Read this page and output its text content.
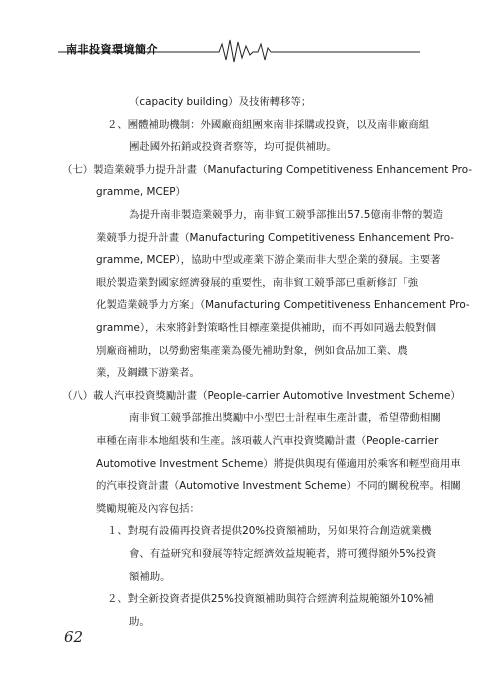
南非投資環境簡介
（capacity building）及技術轉移等；
２、團體補助機制：外國廠商組團來南非採購或投資，以及南非廠商組
團赴國外拓銷或投資者察等，均可提供補助。
（七）製造業競爭力提升計畫（Manufacturing Competitiveness Enhancement Pro-
gramme, MCEP）
為提升南非製造業競爭力，南非貿工競爭部推出57.5億南非幣的製造
業競爭力提升計畫（Manufacturing Competitiveness Enhancement Pro-
gramme, MCEP），協助中型或產業下游企業而非大型企業的發展。主要著
眼於製造業對國家經濟發展的重要性，南非貿工競爭部已重新修訂「強
化製造業競爭力方案」（Manufacturing Competitiveness Enhancement Pro-
gramme），未來將針對策略性目標產業提供補助，而不再如同過去般對個
別廠商補助，以勞動密集產業為優先補助對象，例如食品加工業、農
業，及鋼鐵下游業者。
（八）載人汽車投資獎勵計畫（People-carrier Automotive Investment Scheme）
南非貿工競爭部推出獎勵中小型巴士計程車生產計畫，希望帶動相關
車種在南非本地組裝和生產。該項載人汽車投資獎勵計畫（People-carrier
Automotive Investment Scheme）將提供與現有僅適用於乘客和輕型商用車
的汽車投資計畫（Automotive Investment Scheme）不同的關稅稅率。相關
獎勵規範及內容包括：
１、對現有設備再投資者提供20%投資額補助，另如果符合創造就業機
會、有益研究和發展等特定經濟效益規範者，將可獲得額外5%投資
額補助。
２、對全新投資者提供25%投資額補助與符合經濟利益規範額外10%補
助。
62
